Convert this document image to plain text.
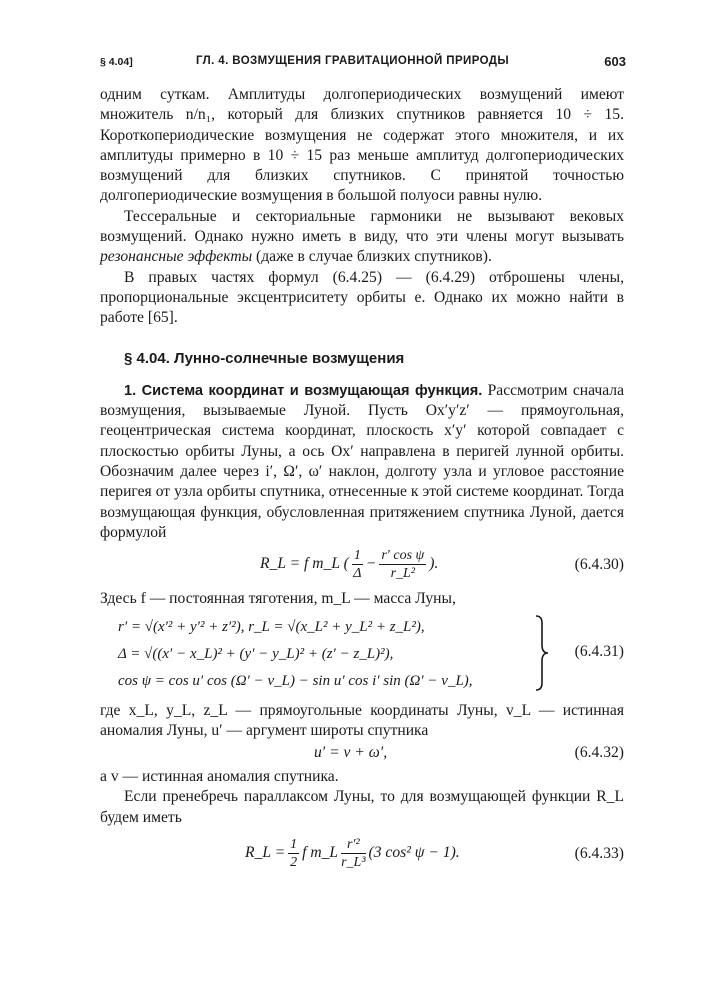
§ 4.04]	ГЛ. 4. ВОЗМУЩЕНИЯ ГРАВИТАЦИОННОЙ ПРИРОДЫ	603

одним суткам. Амплитуды долгопериодических возмущений имеют множитель n/n₁, который для близких спутников равняется 10 ÷ 15. Короткопериодические возмущения не содержат этого множителя, и их амплитуды примерно в 10 ÷ 15 раз меньше амплитуд долгопериодических возмущений для близких спутников. С принятой точностью долгопериодические возмущения в большой полуоси равны нулю.

Тессеральные и секториальные гармоники не вызывают вековых возмущений. Однако нужно иметь в виду, что эти члены могут вызывать резонансные эффекты (даже в случае близких спутников).

В правых частях формул (6.4.25) — (6.4.29) отброшены члены, пропорциональные эксцентриситету орбиты e. Однако их можно найти в работе [65].

§ 4.04. Лунно-солнечные возмущения

1. Система координат и возмущающая функция. Рассмотрим сначала возмущения, вызываемые Луной. Пусть Ox′y′z′ — прямоугольная, геоцентрическая система координат, плоскость x′y′ которой совпадает с плоскостью орбиты Луны, а ось Ox′ направлена в перигей лунной орбиты. Обозначим далее через i′, Ω′, ω′ наклон, долготу узла и угловое расстояние перигея от узла орбиты спутника, отнесенные к этой системе координат. Тогда возмущающая функция, обусловленная притяжением спутника Луной, дается формулой

R_L = f m_L ( $\frac{1}{\Delta} - \frac{\text{r′ cos ψ}}{\text{r\_L²}}$ ).	(6.4.30)

Здесь f — постоянная тяготения, m_L — масса Луны,

r′ = √(x′² + y′² + z′²), r_L = √(x_L² + y_L² + z_L²),
Δ = √((x′ − x_L)² + (y′ − y_L)² + (z′ − z_L)²),
cos ψ = cos u′ cos (Ω′ − v_L) − sin u′ cos i′ sin (Ω′ − v_L),
(6.4.31)

где x_L, y_L, z_L — прямоугольные координаты Луны, v_L — истинная аномалия Луны, u′ — аргумент широты спутника

u′ = v + ω′,	(6.4.32)

а v — истинная аномалия спутника.

Если пренебречь параллаксом Луны, то для возмущающей функции R_L будем иметь

R_L = $\frac{1}{2}$ f m_L $\frac{\text{r′²}}{\text{r\_L³}} (3$ cos² ψ − 1).	(6.4.33)
